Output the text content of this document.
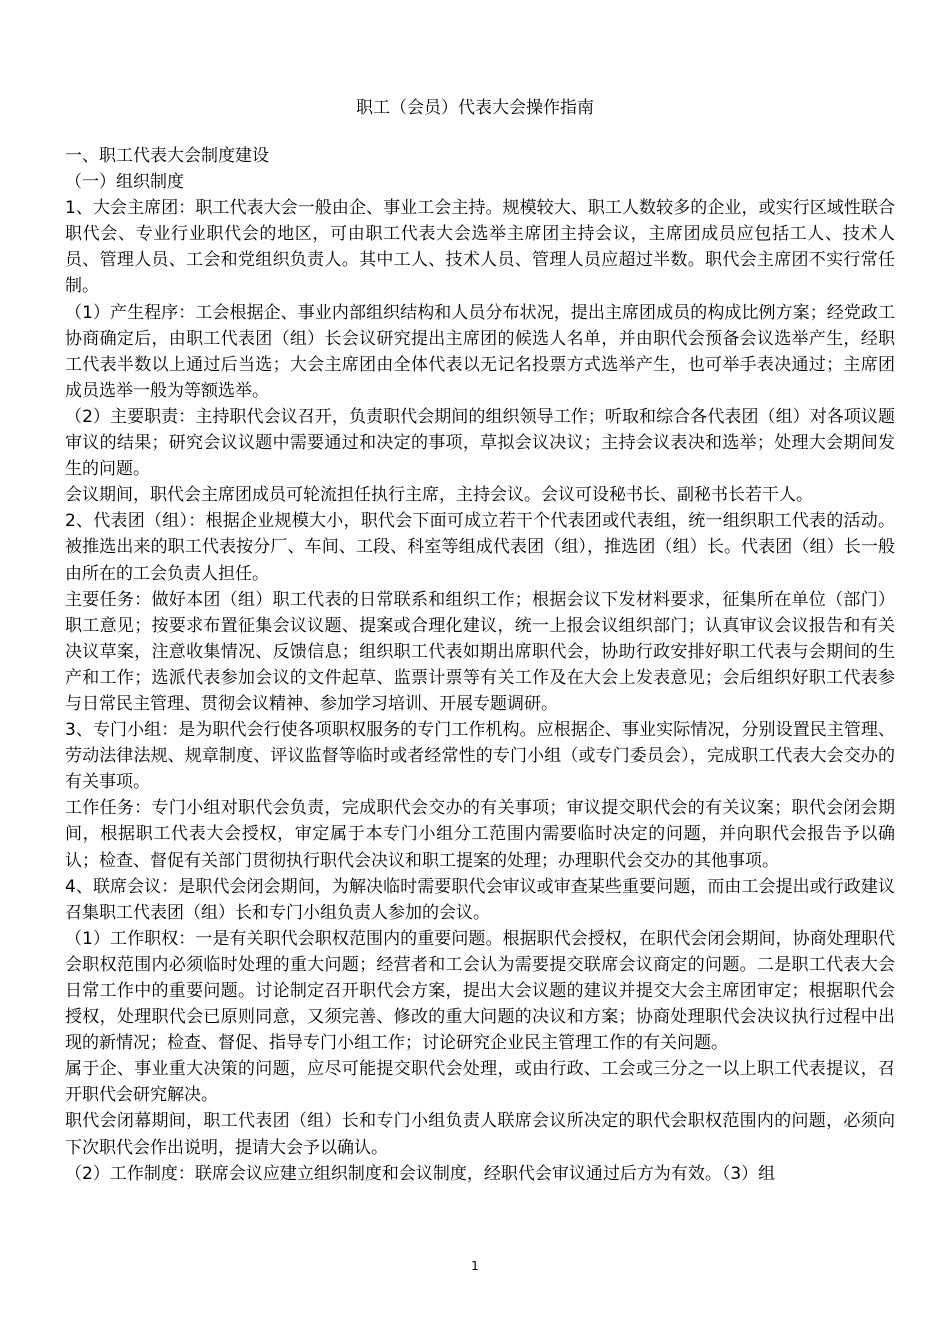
职工（会员）代表大会操作指南

一、职工代表大会制度建设

（一）组织制度

1、大会主席团：职工代表大会一般由企、事业工会主持。规模较大、职工人数较多的企业，或实行区域性联合职代会、专业行业职代会的地区，可由职工代表大会选举主席团主持会议，主席团成员应包括工人、技术人员、管理人员、工会和党组织负责人。其中工人、技术人员、管理人员应超过半数。职代会主席团不实行常任制。

（1）产生程序：工会根据企、事业内部组织结构和人员分布状况，提出主席团成员的构成比例方案；经党政工协商确定后，由职工代表团（组）长会议研究提出主席团的候选人名单，并由职代会预备会议选举产生，经职工代表半数以上通过后当选；大会主席团由全体代表以无记名投票方式选举产生，也可举手表决通过；主席团成员选举一般为等额选举。

（2）主要职责：主持职代会议召开，负责职代会期间的组织领导工作；听取和综合各代表团（组）对各项议题审议的结果；研究会议议题中需要通过和决定的事项，草拟会议决议；主持会议表决和选举；处理大会期间发生的问题。

会议期间，职代会主席团成员可轮流担任执行主席，主持会议。会议可设秘书长、副秘书长若干人。

2、代表团（组）：根据企业规模大小，职代会下面可成立若干个代表团或代表组，统一组织职工代表的活动。被推选出来的职工代表按分厂、车间、工段、科室等组成代表团（组），推选团（组）长。代表团（组）长一般由所在的工会负责人担任。

主要任务：做好本团（组）职工代表的日常联系和组织工作；根据会议下发材料要求，征集所在单位（部门）职工意见；按要求布置征集会议议题、提案或合理化建议，统一上报会议组织部门；认真审议会议报告和有关决议草案，注意收集情况、反馈信息；组织职工代表如期出席职代会，协助行政安排好职工代表与会期间的生产和工作；选派代表参加会议的文件起草、监票计票等有关工作及在大会上发表意见；会后组织好职工代表参与日常民主管理、贯彻会议精神、参加学习培训、开展专题调研。

3、专门小组：是为职代会行使各项职权服务的专门工作机构。应根据企、事业实际情况，分别设置民主管理、劳动法律法规、规章制度、评议监督等临时或者经常性的专门小组（或专门委员会），完成职工代表大会交办的有关事项。

工作任务：专门小组对职代会负责，完成职代会交办的有关事项；审议提交职代会的有关议案；职代会闭会期间，根据职工代表大会授权，审定属于本专门小组分工范围内需要临时决定的问题，并向职代会报告予以确认；检查、督促有关部门贯彻执行职代会决议和职工提案的处理；办理职代会交办的其他事项。

4、联席会议：是职代会闭会期间，为解决临时需要职代会审议或审查某些重要问题，而由工会提出或行政建议召集职工代表团（组）长和专门小组负责人参加的会议。

（1）工作职权：一是有关职代会职权范围内的重要问题。根据职代会授权，在职代会闭会期间，协商处理职代会职权范围内必须临时处理的重大问题；经营者和工会认为需要提交联席会议商定的问题。二是职工代表大会日常工作中的重要问题。讨论制定召开职代会方案，提出大会议题的建议并提交大会主席团审定；根据职代会授权，处理职代会已原则同意，又须完善、修改的重大问题的决议和方案；协商处理职代会决议执行过程中出现的新情况；检查、督促、指导专门小组工作；讨论研究企业民主管理工作的有关问题。

属于企、事业重大决策的问题，应尽可能提交职代会处理，或由行政、工会或三分之一以上职工代表提议，召开职代会研究解决。

职代会闭幕期间，职工代表团（组）长和专门小组负责人联席会议所决定的职代会职权范围内的问题，必须向下次职代会作出说明，提请大会予以确认。

（2）工作制度：联席会议应建立组织制度和会议制度，经职代会审议通过后方为有效。（3）组

1
